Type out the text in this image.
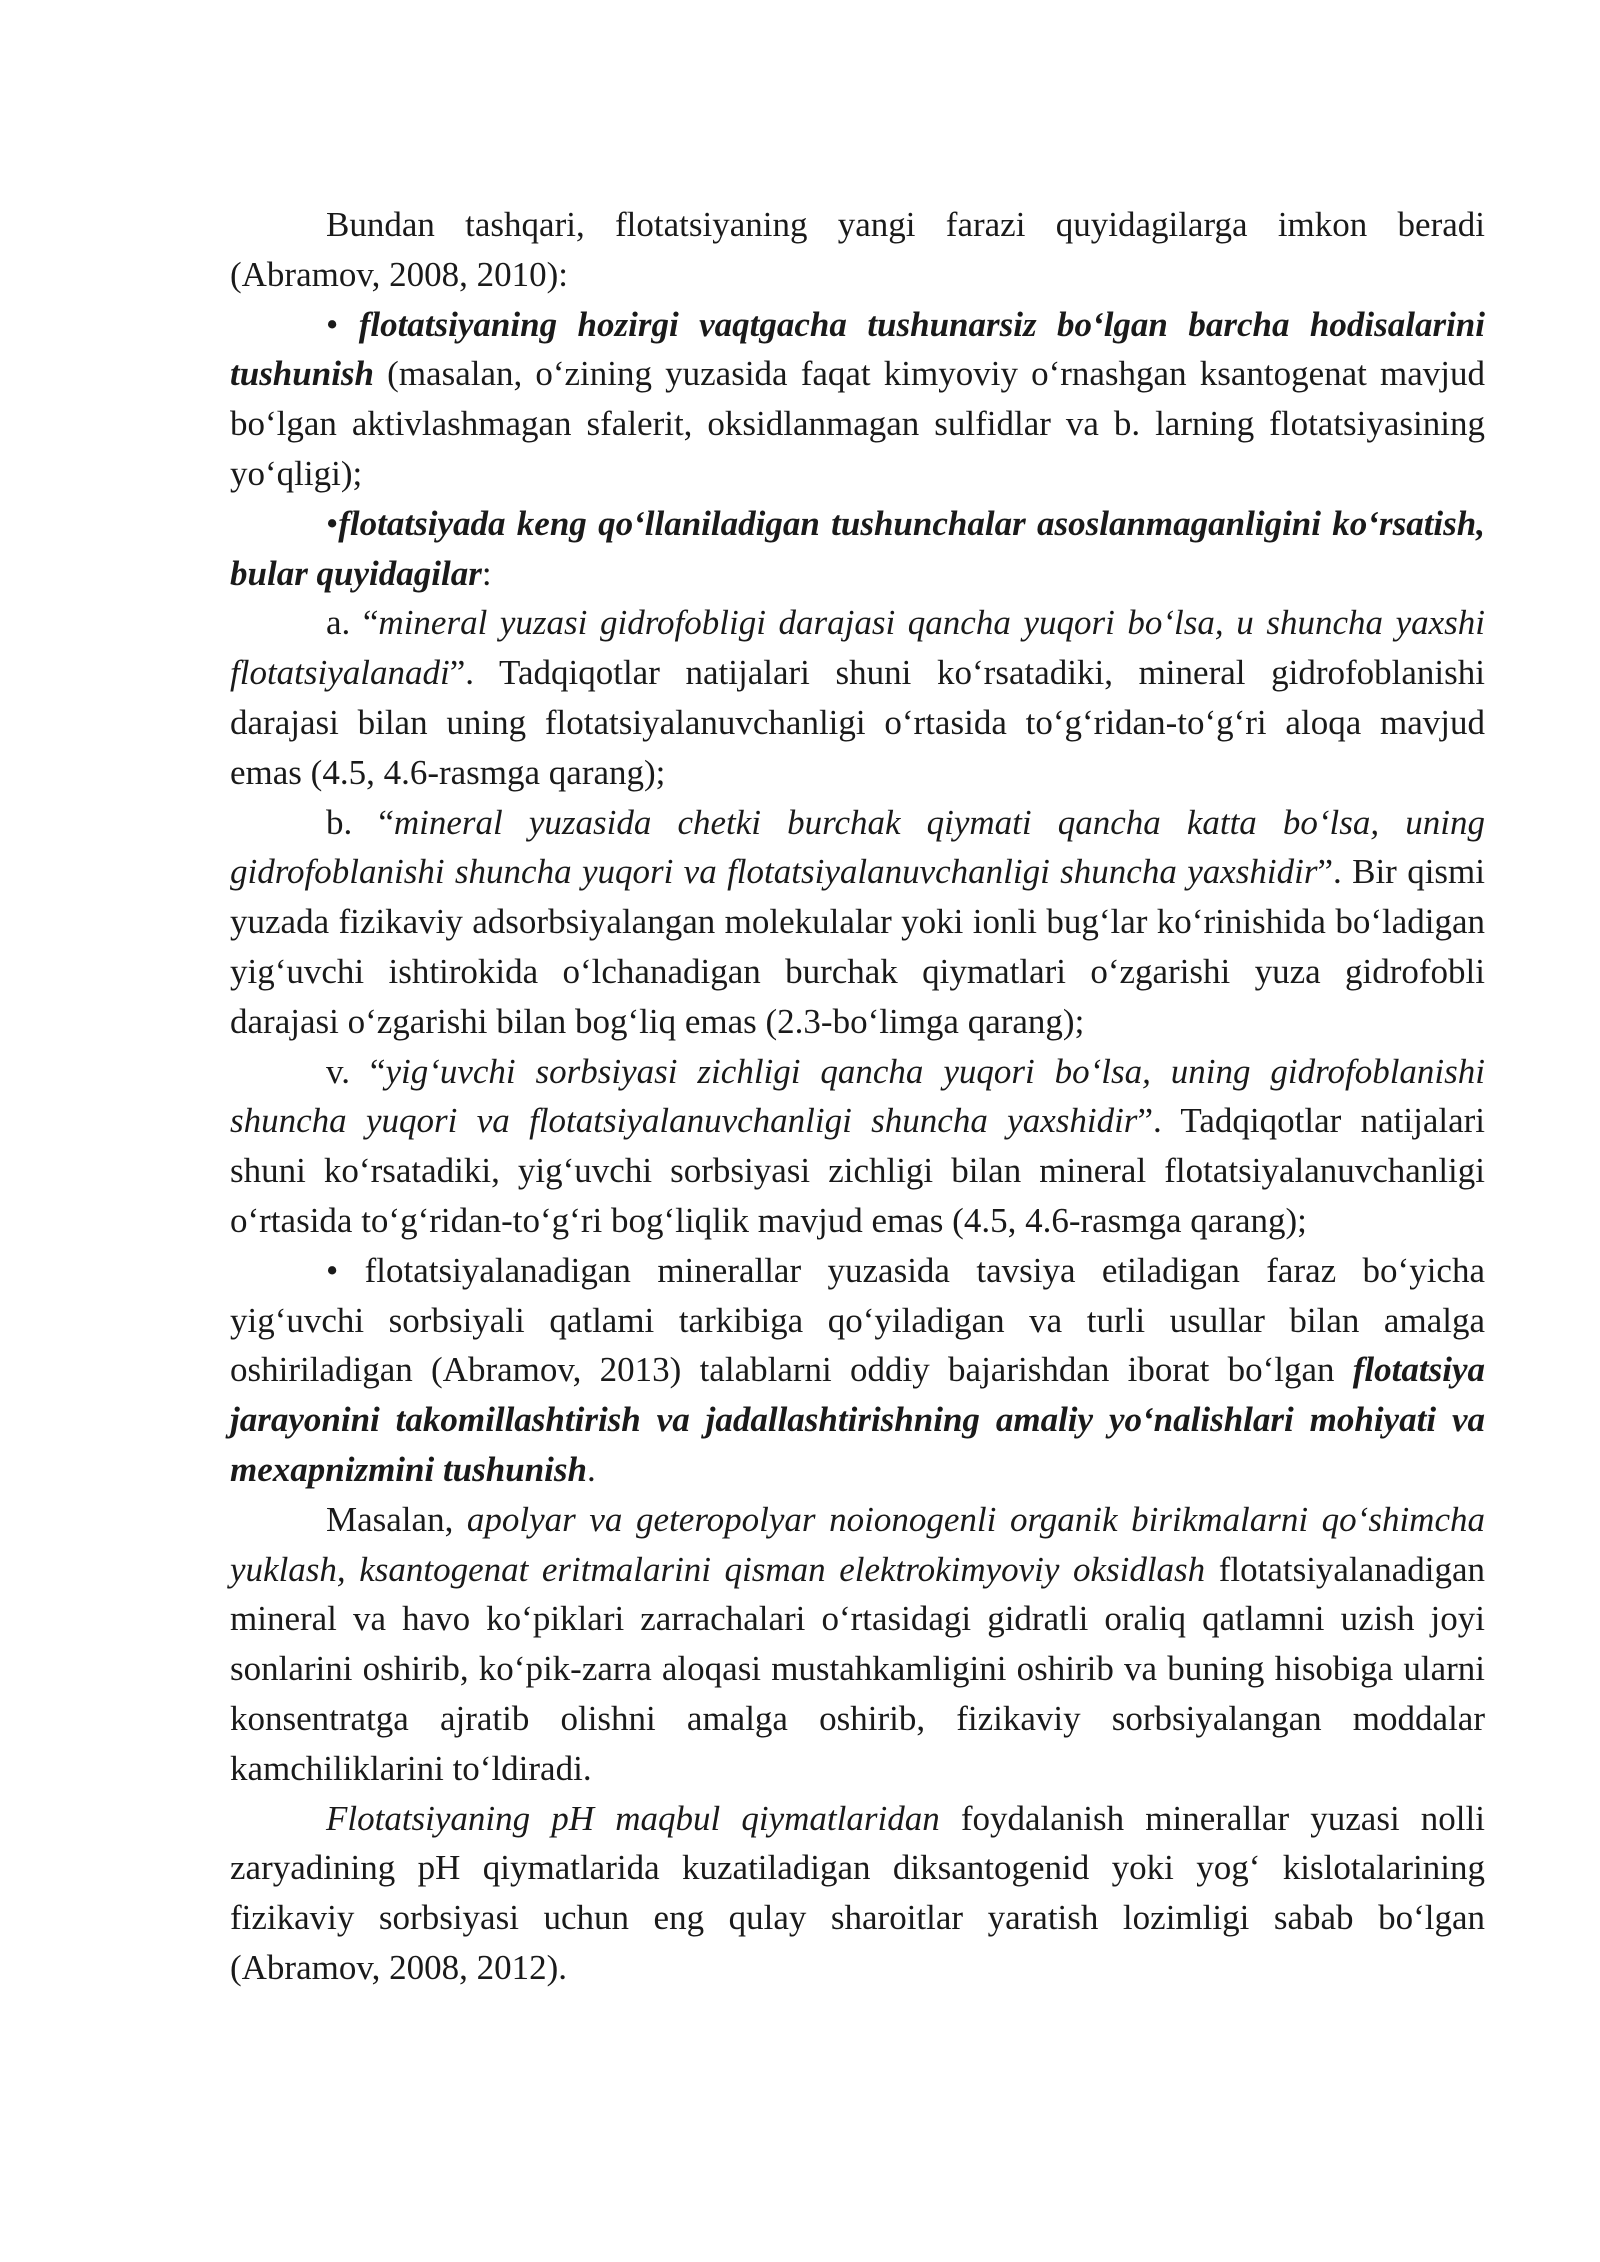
Bundan tashqari, flotatsiyaning yangi farazi quyidagilarga imkon beradi (Abramov, 2008, 2010):

• flotatsiyaning hozirgi vaqtgacha tushunarsiz bo‘lgan barcha hodisalarini tushunish (masalan, o‘zining yuzasida faqat kimyoviy o‘rnashgan ksantogenat mavjud bo‘lgan aktivlashmagan sfalerit, oksidlanmagan sulfidlar va b. larning flotatsiyasining yo‘qligi);

•flotatsiyada keng qo‘llaniladigan tushunchalar asoslanmaganligini ko‘rsatish, bular quyidagilar:

a. “mineral yuzasi gidrofobligi darajasi qancha yuqori bo‘lsa, u shuncha yaxshi flotatsiyalanadi”. Tadqiqotlar natijalari shuni ko‘rsatadiki, mineral gidrofoblanishi darajasi bilan uning flotatsiyalanuvchanligi o‘rtasida to‘g‘ridan-to‘g‘ri aloqa mavjud emas (4.5, 4.6-rasmga qarang);

b. “mineral yuzasida chetki burchak qiymati qancha katta bo‘lsa, uning gidrofoblanishi shuncha yuqori va flotatsiyalanuvchanligi shuncha yaxshidir”. Bir qismi yuzada fizikaviy adsorbsiyalangan molekulalar yoki ionli bug‘lar ko‘rinishida bo‘ladigan yig‘uvchi ishtirokida o‘lchanadigan burchak qiymatlari o‘zgarishi yuza gidrofobli darajasi o‘zgarishi bilan bog‘liq emas (2.3-bo‘limga qarang);

v. “yig‘uvchi sorbsiyasi zichligi qancha yuqori bo‘lsa, uning gidrofoblanishi shuncha yuqori va flotatsiyalanuvchanligi shuncha yaxshidir”. Tadqiqotlar natijalari shuni ko‘rsatadiki, yig‘uvchi sorbsiyasi zichligi bilan mineral flotatsiyalanuvchanligi o‘rtasida to‘g‘ridan-to‘g‘ri bog‘liqlik mavjud emas (4.5, 4.6-rasmga qarang);

• flotatsiyalanadigan minerallar yuzasida tavsiya etiladigan faraz bo‘yicha yig‘uvchi sorbsiyali qatlami tarkibiga qo‘yiladigan va turli usullar bilan amalga oshiriladigan (Abramov, 2013) talablarni oddiy bajarishdan iborat bo‘lgan flotatsiya jarayonini takomillashtirish va jadallashtirishning amaliy yo‘nalishlari mohiyati va mexapnizmini tushunish.

Masalan, apolyar va geteropolyar noionogenli organik birikmalarni qo‘shimcha yuklash, ksantogenat eritmalarini qisman elektrokimyoviy oksidlash flotatsiyalanadigan mineral va havo ko‘piklari zarrachalari o‘rtasidagi gidratli oraliq qatlamni uzish joyi sonlarini oshirib, ko‘pik-zarra aloqasi mustahkamligini oshirib va buning hisobiga ularni konsentratga ajratib olishni amalga oshirib, fizikaviy sorbsiyalangan moddalar kamchiliklarini to‘ldiradi.

Flotatsiyaning pH maqbul qiymatlaridan foydalanish minerallar yuzasi nolli zaryadining pH qiymatlarida kuzatiladigan diksantogenid yoki yog‘ kislotalarining fizikaviy sorbsiyasi uchun eng qulay sharoitlar yaratish lozimligi sabab bo‘lgan (Abramov, 2008, 2012).
